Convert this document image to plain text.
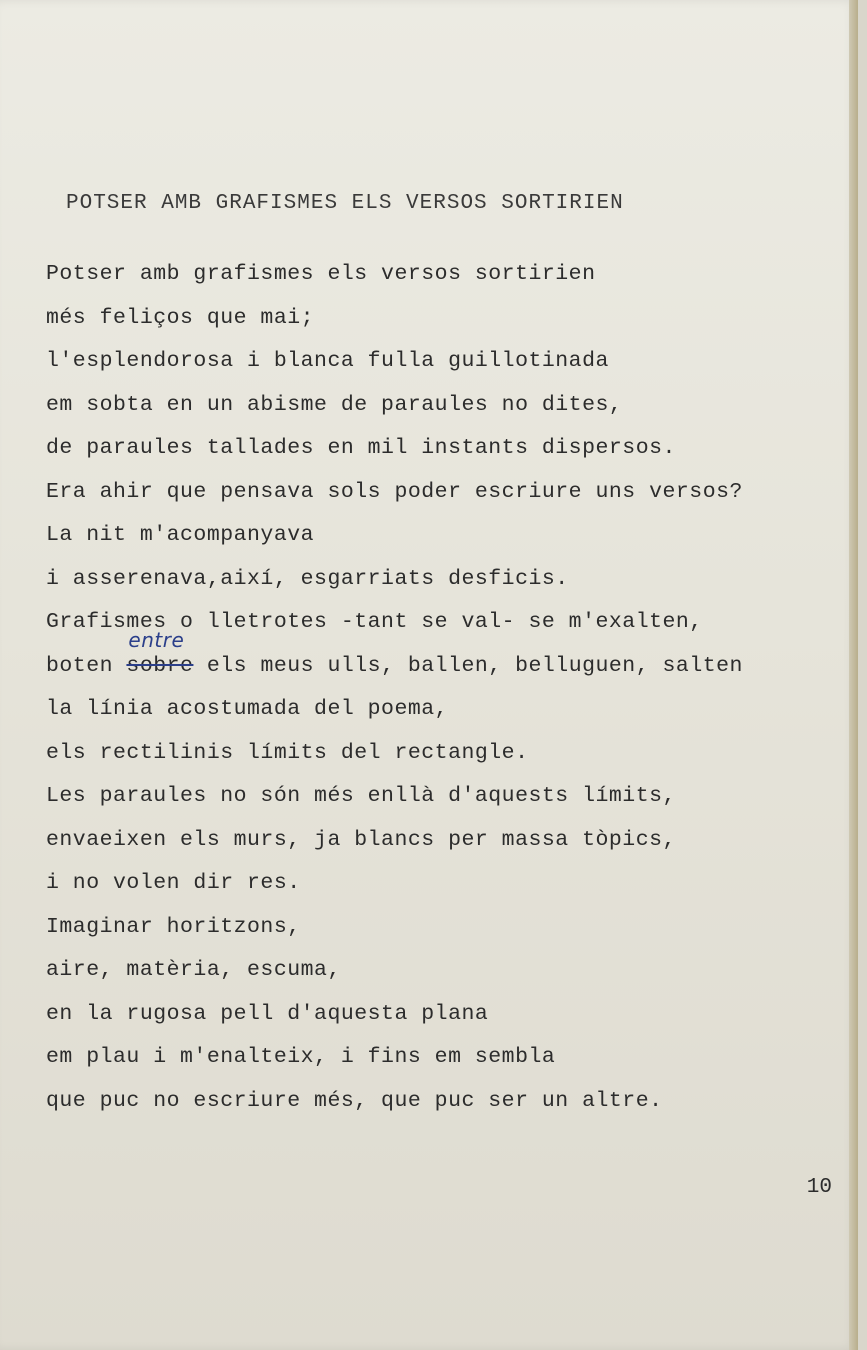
POTSER AMB GRAFISMES ELS VERSOS SORTIRIEN
Potser amb grafismes els versos sortirien
més feliços que mai;
l'esplendorosa i blanca fulla guillotinada
em sobta en un abisme de paraules no dites,
de paraules tallades en mil instants dispersos.
Era ahir que pensava sols poder escriure uns versos?
La nit m'acompanyava
i asserenava,així, esgarriats desficis.
Grafismes o lletrotes -tant se val- se m'exalten,
boten sobre
entre
els meus ulls, ballen, belluguen, salten
la línia acostumada del poema,
els rectilinis límits del rectangle.
Les paraules no són més enllà d'aquests límits,
envaeixen els murs, ja blancs per massa tòpics,
i no volen dir res.
Imaginar horitzons,
aire, matèria, escuma,
en la rugosa pell d'aquesta plana
em plau i m'enalteix, i fins em sembla
que puc no escriure més, que puc ser un altre.
10
